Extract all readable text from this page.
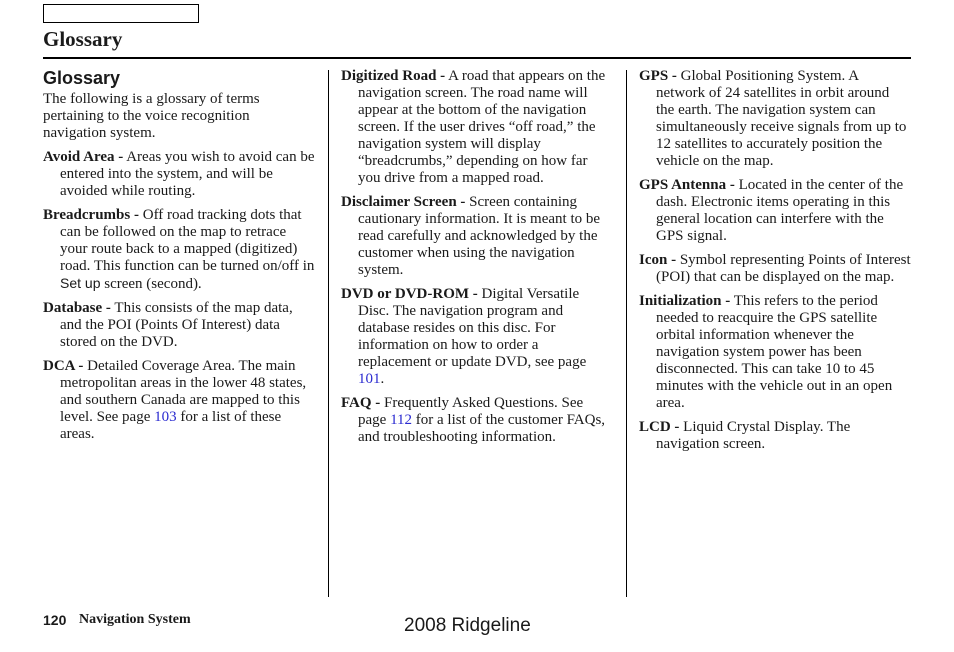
Glossary
Glossary
The following is a glossary of terms pertaining to the voice recognition navigation system.
Avoid Area - Areas you wish to avoid can be entered into the system, and will be avoided while routing.
Breadcrumbs - Off road tracking dots that can be followed on the map to retrace your route back to a mapped (digitized) road. This function can be turned on/off in Set up screen (second).
Database - This consists of the map data, and the POI (Points Of Interest) data stored on the DVD.
DCA - Detailed Coverage Area. The main metropolitan areas in the lower 48 states, and southern Canada are mapped to this level. See page 103 for a list of these areas.
Digitized Road - A road that appears on the navigation screen. The road name will appear at the bottom of the navigation screen. If the user drives “off road,” the navigation system will display “breadcrumbs,” depending on how far you drive from a mapped road.
Disclaimer Screen - Screen containing cautionary information. It is meant to be read carefully and acknowledged by the customer when using the navigation system.
DVD or DVD-ROM - Digital Versatile Disc. The navigation program and database resides on this disc. For information on how to order a replacement or update DVD, see page 101.
FAQ - Frequently Asked Questions. See page 112 for a list of the customer FAQs, and troubleshooting information.
GPS - Global Positioning System. A network of 24 satellites in orbit around the earth. The navigation system can simultaneously receive signals from up to 12 satellites to accurately position the vehicle on the map.
GPS Antenna - Located in the center of the dash. Electronic items operating in this general location can interfere with the GPS signal.
Icon - Symbol representing Points of Interest (POI) that can be displayed on the map.
Initialization - This refers to the period needed to reacquire the GPS satellite orbital information whenever the navigation system power has been disconnected. This can take 10 to 45 minutes with the vehicle out in an open area.
LCD - Liquid Crystal Display. The navigation screen.
120 Navigation System	2008 Ridgeline
